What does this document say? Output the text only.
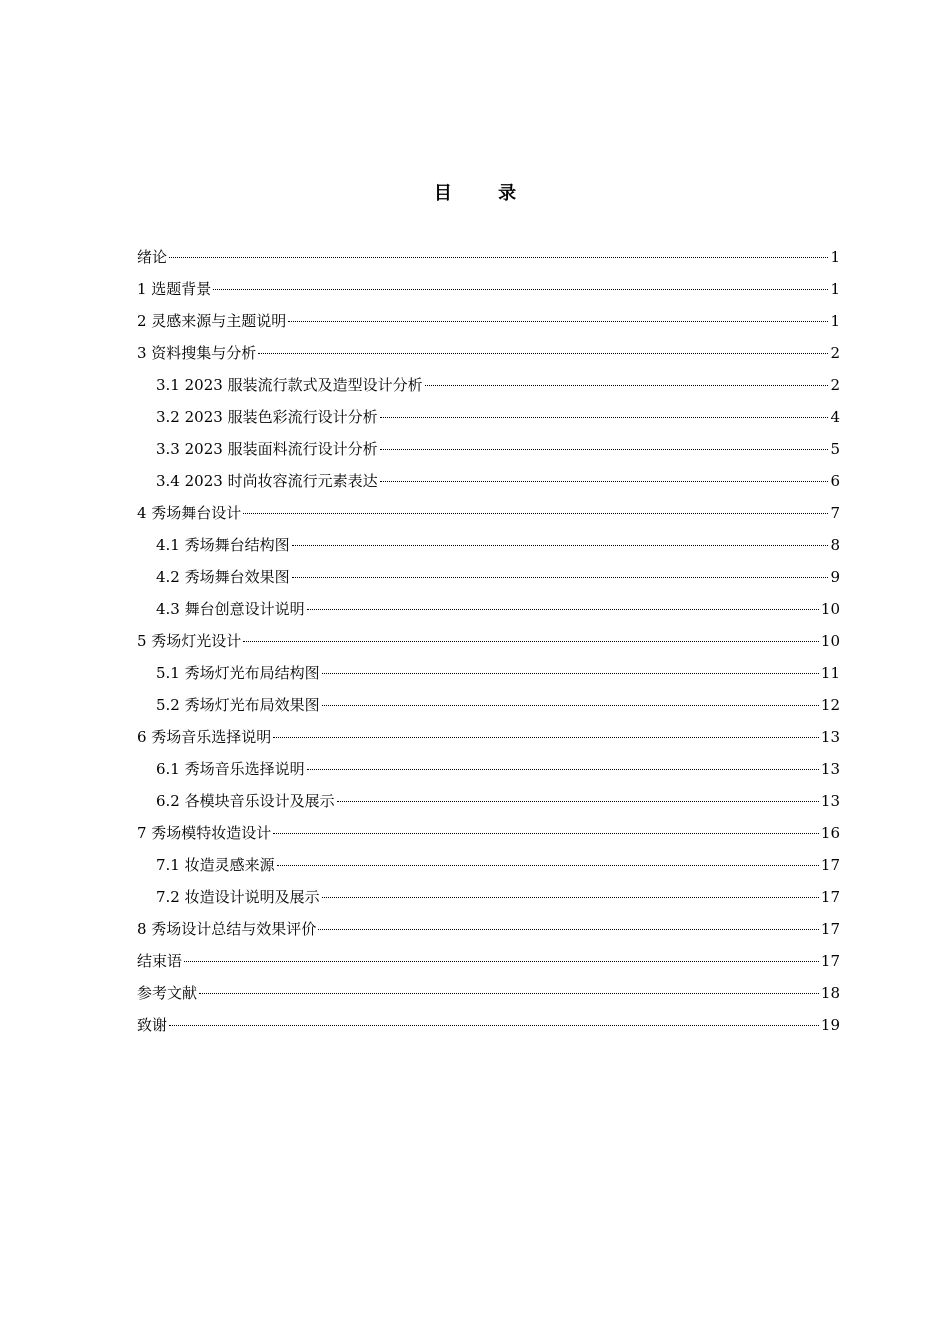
目 录
绪论	1
1 选题背景	1
2 灵感来源与主题说明	1
3 资料搜集与分析	2
3.1 2023 服装流行款式及造型设计分析	2
3.2 2023 服装色彩流行设计分析	4
3.3 2023 服装面料流行设计分析	5
3.4 2023 时尚妆容流行元素表达	6
4 秀场舞台设计	7
4.1 秀场舞台结构图	8
4.2 秀场舞台效果图	9
4.3 舞台创意设计说明	10
5 秀场灯光设计	10
5.1 秀场灯光布局结构图	11
5.2 秀场灯光布局效果图	12
6 秀场音乐选择说明	13
6.1 秀场音乐选择说明	13
6.2 各模块音乐设计及展示	13
7 秀场模特妆造设计	16
7.1 妆造灵感来源	17
7.2 妆造设计说明及展示	17
8 秀场设计总结与效果评价	17
结束语	17
参考文献	18
致谢	19
